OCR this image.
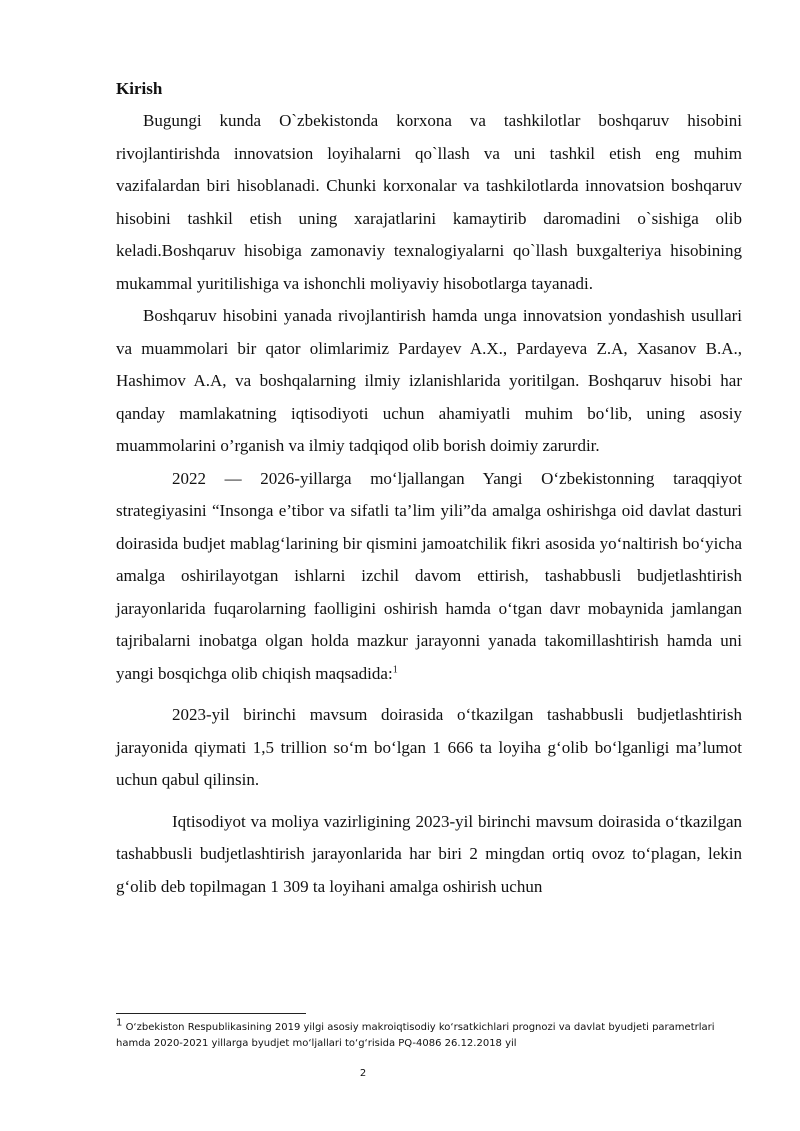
Kirish

Bugungi kunda O`zbekistonda korxona va tashkilotlar boshqaruv hisobini rivojlantirishda innovatsion loyihalarni qo`llash va uni tashkil etish eng muhim vazifalardan biri hisoblanadi. Chunki korxonalar va tashkilotlarda innovatsion boshqaruv hisobini tashkil etish uning xarajatlarini kamaytirib daromadini o`sishiga olib keladi.Boshqaruv hisobiga zamonaviy texnalogiyalarni qo`llash buxgalteriya hisobining mukammal yuritilishiga va ishonchli moliyaviy hisobotlarga tayanadi.

Boshqaruv hisobini yanada rivojlantirish hamda unga innovatsion yondashish usullari va muammolari bir qator olimlarimiz Pardayev A.X., Pardayeva Z.A, Xasanov B.A., Hashimov A.A, va boshqalarning ilmiy izlanishlarida yoritilgan. Boshqaruv hisobi har qanday mamlakatning iqtisodiyoti uchun ahamiyatli muhim bo‘lib, uning asosiy muammolarini o’rganish va ilmiy tadqiqod olib borish doimiy zarurdir.

2022 — 2026-yillarga mo‘ljallangan Yangi O‘zbekistonning taraqqiyot strategiyasini “Insonga e’tibor va sifatli ta’lim yili”da amalga oshirishga oid davlat dasturi doirasida budjet mablag‘larining bir qismini jamoatchilik fikri asosida yo‘naltirish bo‘yicha amalga oshirilayotgan ishlarni izchil davom ettirish, tashabbusli budjetlashtirish jarayonlarida fuqarolarning faolligini oshirish hamda o‘tgan davr mobaynida jamlangan tajribalarni inobatga olgan holda mazkur jarayonni yanada takomillashtirish hamda uni yangi bosqichga olib chiqish maqsadida:$^1$

2023-yil birinchi mavsum doirasida o‘tkazilgan tashabbusli budjetlashtirish jarayonida qiymati 1,5 trillion so‘m bo‘lgan 1 666 ta loyiha g‘olib bo‘lganligi ma’lumot uchun qabul qilinsin.

Iqtisodiyot va moliya vazirligining 2023-yil birinchi mavsum doirasida o‘tkazilgan tashabbusli budjetlashtirish jarayonlarida har biri 2 mingdan ortiq ovoz to‘plagan, lekin g‘olib deb topilmagan 1 309 ta loyihani amalga oshirish uchun

$^1$ O‘zbekiston Respublikasining 2019 yilgi asosiy makroiqtisodiy ko‘rsatkichlari prognozi va davlat byudjeti parametrlari hamda 2020-2021 yillarga byudjet mo‘ljallari to‘g‘risida PQ-4086 26.12.2018 yil
2
